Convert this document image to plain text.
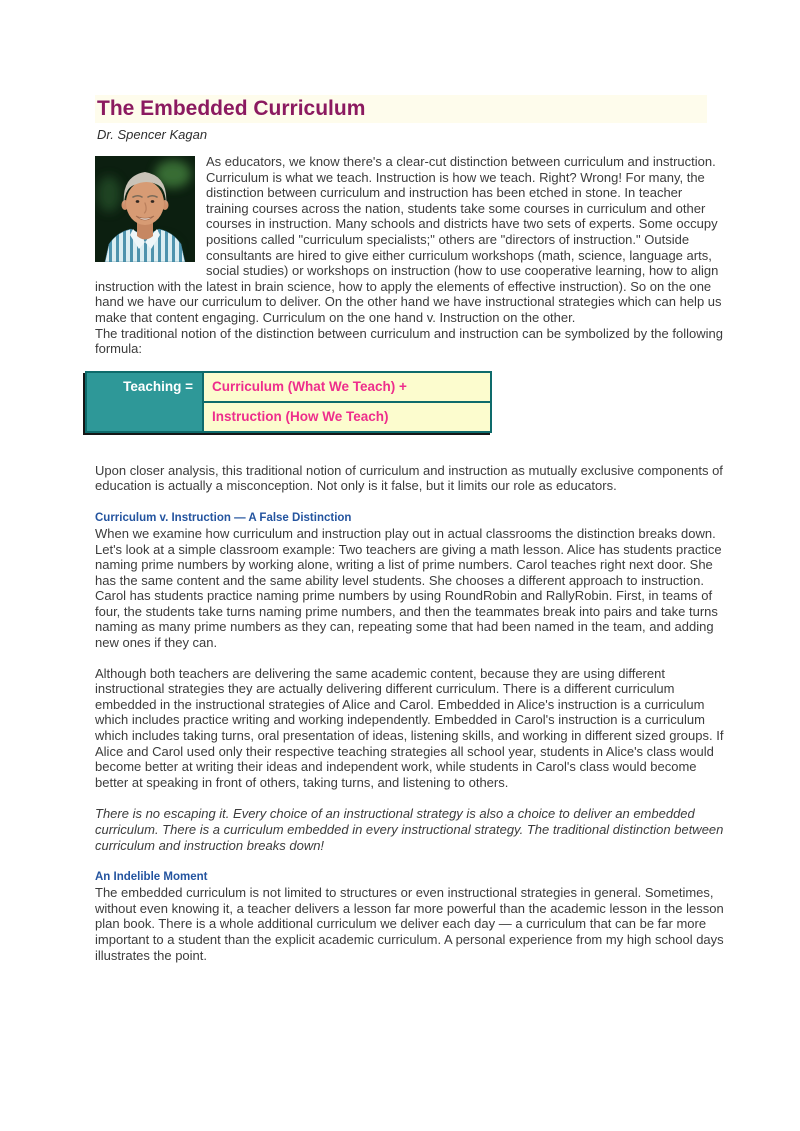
The Embedded Curriculum
Dr. Spencer Kagan

As educators, we know there's a clear-cut distinction between curriculum and instruction. Curriculum is what we teach. Instruction is how we teach. Right? Wrong! For many, the distinction between curriculum and instruction has been etched in stone. In teacher training courses across the nation, students take some courses in curriculum and other courses in instruction. Many schools and districts have two sets of experts. Some occupy positions called "curriculum specialists;" others are "directors of instruction." Outside consultants are hired to give either curriculum workshops (math, science, language arts, social studies) or workshops on instruction (how to use cooperative learning, how to align instruction with the latest in brain science, how to apply the elements of effective instruction). So on the one hand we have our curriculum to deliver. On the other hand we have instructional strategies which can help us make that content engaging. Curriculum on the one hand v. Instruction on the other.

The traditional notion of the distinction between curriculum and instruction can be symbolized by the following formula:

Teaching =	Curriculum (What We Teach) +
Instruction (How We Teach)

Upon closer analysis, this traditional notion of curriculum and instruction as mutually exclusive components of education is actually a misconception. Not only is it false, but it limits our role as educators.

Curriculum v. Instruction — A False Distinction

When we examine how curriculum and instruction play out in actual classrooms the distinction breaks down. Let's look at a simple classroom example: Two teachers are giving a math lesson. Alice has students practice naming prime numbers by working alone, writing a list of prime numbers. Carol teaches right next door. She has the same content and the same ability level students. She chooses a different approach to instruction. Carol has students practice naming prime numbers by using RoundRobin and RallyRobin. First, in teams of four, the students take turns naming prime numbers, and then the teammates break into pairs and take turns naming as many prime numbers as they can, repeating some that had been named in the team, and adding new ones if they can.

Although both teachers are delivering the same academic content, because they are using different instructional strategies they are actually delivering different curriculum. There is a different curriculum embedded in the instructional strategies of Alice and Carol. Embedded in Alice's instruction is a curriculum which includes practice writing and working independently. Embedded in Carol's instruction is a curriculum which includes taking turns, oral presentation of ideas, listening skills, and working in different sized groups. If Alice and Carol used only their respective teaching strategies all school year, students in Alice's class would become better at writing their ideas and independent work, while students in Carol's class would become better at speaking in front of others, taking turns, and listening to others.

There is no escaping it. Every choice of an instructional strategy is also a choice to deliver an embedded curriculum. There is a curriculum embedded in every instructional strategy. The traditional distinction between curriculum and instruction breaks down!

An Indelible Moment

The embedded curriculum is not limited to structures or even instructional strategies in general. Sometimes, without even knowing it, a teacher delivers a lesson far more powerful than the academic lesson in the lesson plan book. There is a whole additional curriculum we deliver each day — a curriculum that can be far more important to a student than the explicit academic curriculum. A personal experience from my high school days illustrates the point.
